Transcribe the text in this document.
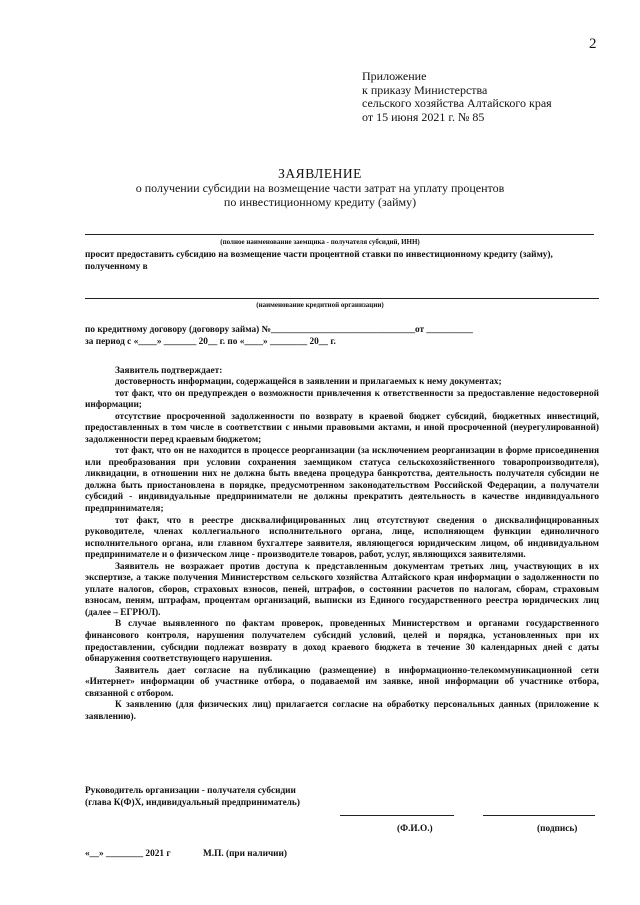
2
Приложение
к приказу Министерства
сельского хозяйства Алтайского края
от 15 июня 2021 г. № 85
ЗАЯВЛЕНИЕ
о получении субсидии на возмещение части затрат на уплату процентов
по инвестиционному кредиту (займу)
(полное наименование заемщика - получателя субсидий, ИНН)
просит предоставить субсидию на возмещение части процентной ставки по инвестиционному кредиту (займу),
полученному в
(наименование кредитной организации)
по кредитному договору (договору займа) №_______________________________от __________
за период с «____» _______ 20__ г. по «____» ________ 20__ г.
Заявитель подтверждает:

достоверность информации, содержащейся в заявлении и прилагаемых к нему документах;

тот факт, что он предупрежден о возможности привлечения к ответственности за предоставление недостоверной информации;

отсутствие просроченной задолженности по возврату в краевой бюджет субсидий, бюджетных инвестиций, предоставленных в том числе в соответствии с иными правовыми актами, и иной просроченной (неурегулированной) задолженности перед краевым бюджетом;

тот факт, что он не находится в процессе реорганизации (за исключением реорганизации в форме присоединения или преобразования при условии сохранения заемщиком статуса сельскохозяйственного товаропроизводителя), ликвидации, в отношении них не должна быть введена процедура банкротства, деятельность получателя субсидии не должна быть приостановлена в порядке, предусмотренном законодательством Российской Федерации, а получатели субсидий - индивидуальные предприниматели не должны прекратить деятельность в качестве индивидуального предпринимателя;

тот факт, что в реестре дисквалифицированных лиц отсутствуют сведения о дисквалифицированных руководителе, членах коллегиального исполнительного органа, лице, исполняющем функции единоличного исполнительного органа, или главном бухгалтере заявителя, являющегося юридическим лицом, об индивидуальном предпринимателе и о физическом лице - производителе товаров, работ, услуг, являющихся заявителями.

Заявитель не возражает против доступа к представленным документам третьих лиц, участвующих в их экспертизе, а также получения Министерством сельского хозяйства Алтайского края информации о задолженности по уплате налогов, сборов, страховых взносов, пеней, штрафов, о состоянии расчетов по налогам, сборам, страховым взносам, пеням, штрафам, процентам организаций, выписки из Единого государственного реестра юридических лиц (далее – ЕГРЮЛ).

В случае выявленного по фактам проверок, проведенных Министерством и органами государственного финансового контроля, нарушения получателем субсидий условий, целей и порядка, установленных при их предоставлении, субсидии подлежат возврату в доход краевого бюджета в течение 30 календарных дней с даты обнаружения соответствующего нарушения.

Заявитель дает согласие на публикацию (размещение) в информационно-телекоммуникационной сети «Интернет» информации об участнике отбора, о подаваемой им заявке, иной информации об участнике отбора, связанной с отбором.

К заявлению (для физических лиц) прилагается согласие на обработку персональных данных (приложение к заявлению).

Руководитель организации - получателя субсидии
(глава К(Ф)Х, индивидуальный предприниматель)
(Ф.И.О.)	(подпись)
«__» ________ 2021 г	М.П. (при наличии)
